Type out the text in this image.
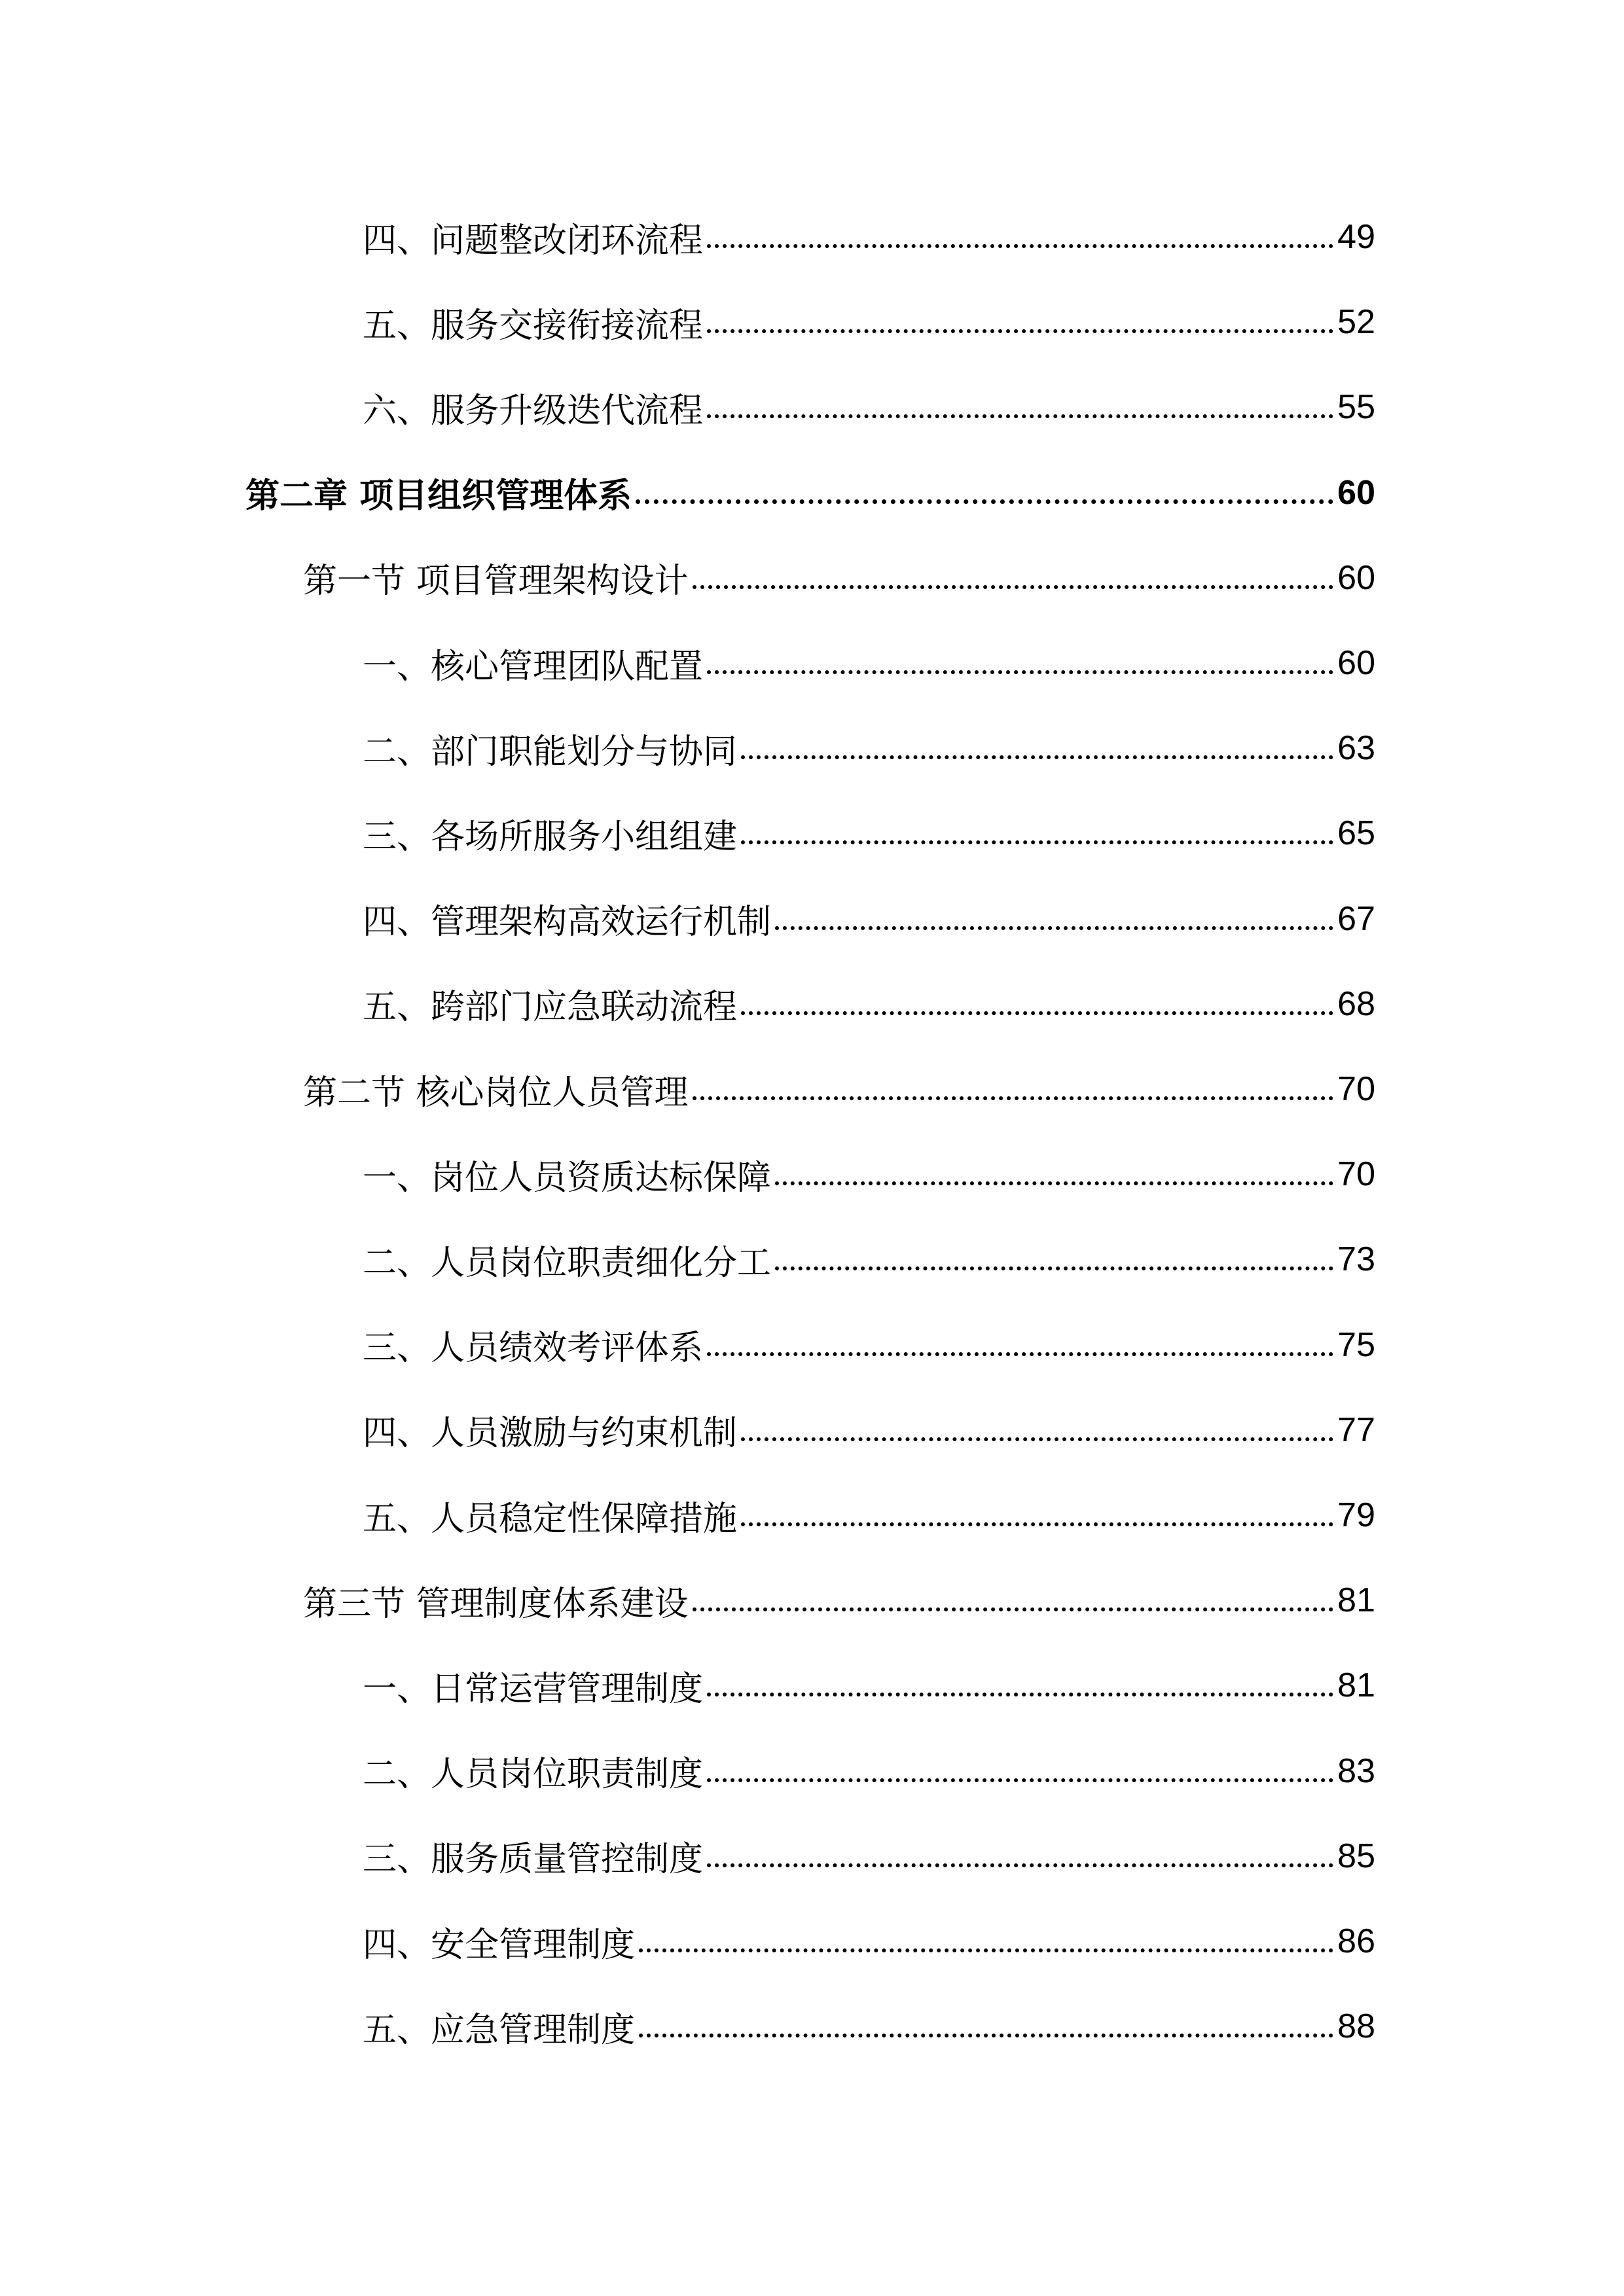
四、问题整改闭环流程	49
五、服务交接衔接流程	52
六、服务升级迭代流程	55
第二章 项目组织管理体系	60
第一节 项目管理架构设计	60
一、核心管理团队配置	60
二、部门职能划分与协同	63
三、各场所服务小组组建	65
四、管理架构高效运行机制	67
五、跨部门应急联动流程	68
第二节 核心岗位人员管理	70
一、岗位人员资质达标保障	70
二、人员岗位职责细化分工	73
三、人员绩效考评体系	75
四、人员激励与约束机制	77
五、人员稳定性保障措施	79
第三节 管理制度体系建设	81
一、日常运营管理制度	81
二、人员岗位职责制度	83
三、服务质量管控制度	85
四、安全管理制度	86
五、应急管理制度	88
